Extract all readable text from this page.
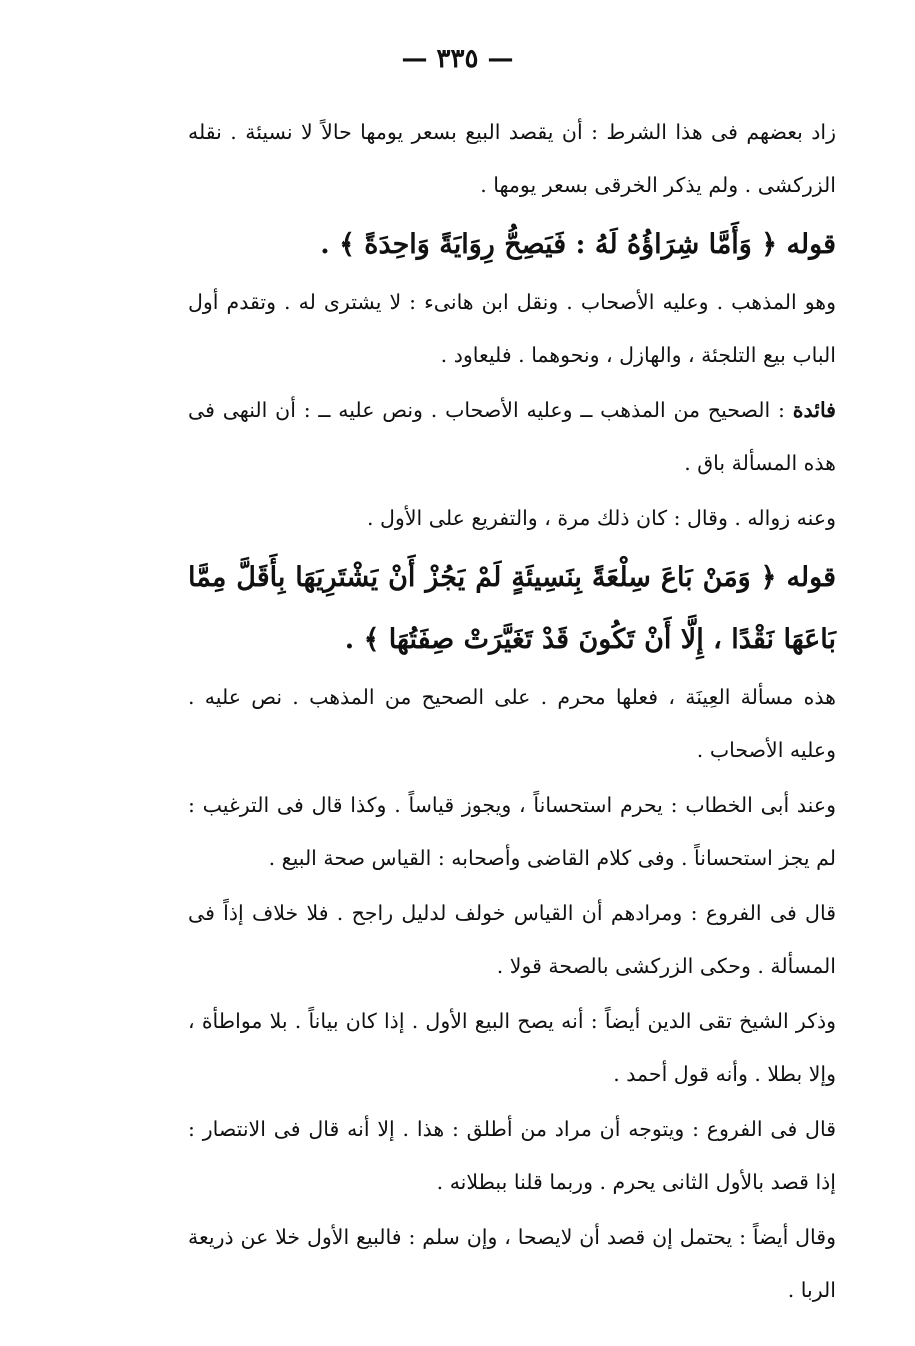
— ٣٣٥ —

زاد بعضهم فى هذا الشرط : أن يقصد البيع بسعر يومها حالاً لا نسيئة . نقله الزركشى . ولم يذكر الخرقى بسعر يومها .

قوله ﴿ وَأَمَّا شِرَاؤُهُ لَهُ : فَيَصِحُّ رِوَايَةً وَاحِدَةً ﴾ .

وهو المذهب . وعليه الأصحاب . ونقل ابن هانىء : لا يشترى له . وتقدم أول الباب بيع التلجئة ، والهازل ، ونحوهما . فليعاود .

فائدة : الصحيح من المذهب ــ وعليه الأصحاب . ونص عليه ــ : أن النهى فى هذه المسألة باق .

وعنه زواله . وقال : كان ذلك مرة ، والتفريع على الأول .

قوله ﴿ وَمَنْ بَاعَ سِلْعَةً بِنَسِيئَةٍ لَمْ يَجُزْ أَنْ يَشْتَرِيَهَا بِأَقَلَّ مِمَّا بَاعَهَا نَقْدًا ، إِلَّا أَنْ تَكُونَ قَدْ تَغَيَّرَتْ صِفَتُهَا ﴾ .

هذه مسألة العِينَة ، فعلها محرم . على الصحيح من المذهب . نص عليه . وعليه الأصحاب .

وعند أبى الخطاب : يحرم استحساناً ، ويجوز قياساً . وكذا قال فى الترغيب : لم يجز استحساناً . وفى كلام القاضى وأصحابه : القياس صحة البيع .

قال فى الفروع : ومرادهم أن القياس خولف لدليل راجح . فلا خلاف إذاً فى المسألة . وحكى الزركشى بالصحة قولا .

وذكر الشيخ تقى الدين أيضاً : أنه يصح البيع الأول . إذا كان بياناً . بلا مواطأة ، وإلا بطلا . وأنه قول أحمد .

قال فى الفروع : ويتوجه أن مراد من أطلق : هذا . إلا أنه قال فى الانتصار : إذا قصد بالأول الثانى يحرم . وربما قلنا ببطلانه .

وقال أيضاً : يحتمل إن قصد أن لايصحا ، وإن سلم : فالبيع الأول خلا عن ذريعة الربا .
